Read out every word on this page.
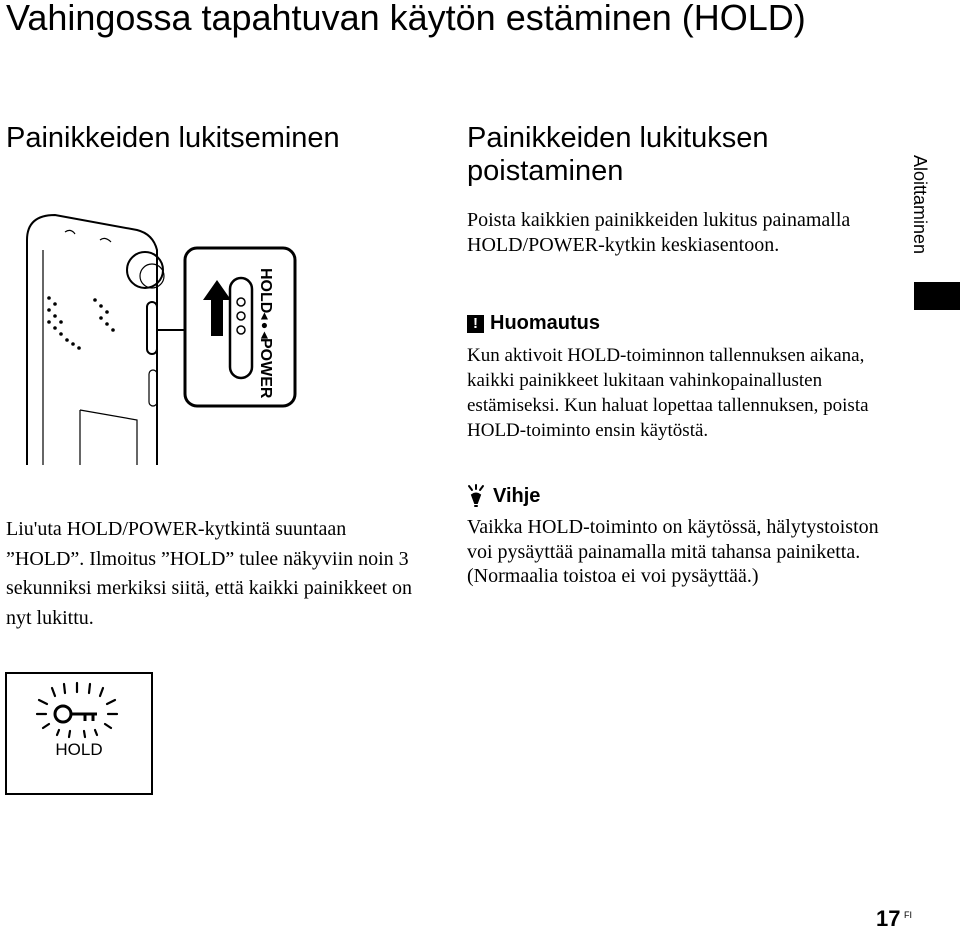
Vahingossa tapahtuvan käytön estäminen (HOLD)
Painikkeiden lukitseminen	Painikkeiden lukituksen poistaminen
HOLD
◄●◄
POWER
Liu'uta HOLD/POWER-kytkintä suuntaan ”HOLD”. Ilmoitus ”HOLD” tulee näkyviin noin 3 sekunniksi merkiksi siitä, että kaikki painikkeet on nyt lukittu.
HOLD
Poista kaikkien painikkeiden lukitus painamalla HOLD/POWER-kytkin keskiasentoon.
! Huomautus
Kun aktivoit HOLD-toiminnon tallennuksen aikana, kaikki painikkeet lukitaan vahinkopainallusten estämiseksi. Kun haluat lopettaa tallennuksen, poista HOLD-toiminto ensin käytöstä.
Vihje
Vaikka HOLD-toiminto on käytössä, hälytystoiston voi pysäyttää painamalla mitä tahansa painiketta. (Normaalia toistoa ei voi pysäyttää.)
Aloittaminen
17 FI
